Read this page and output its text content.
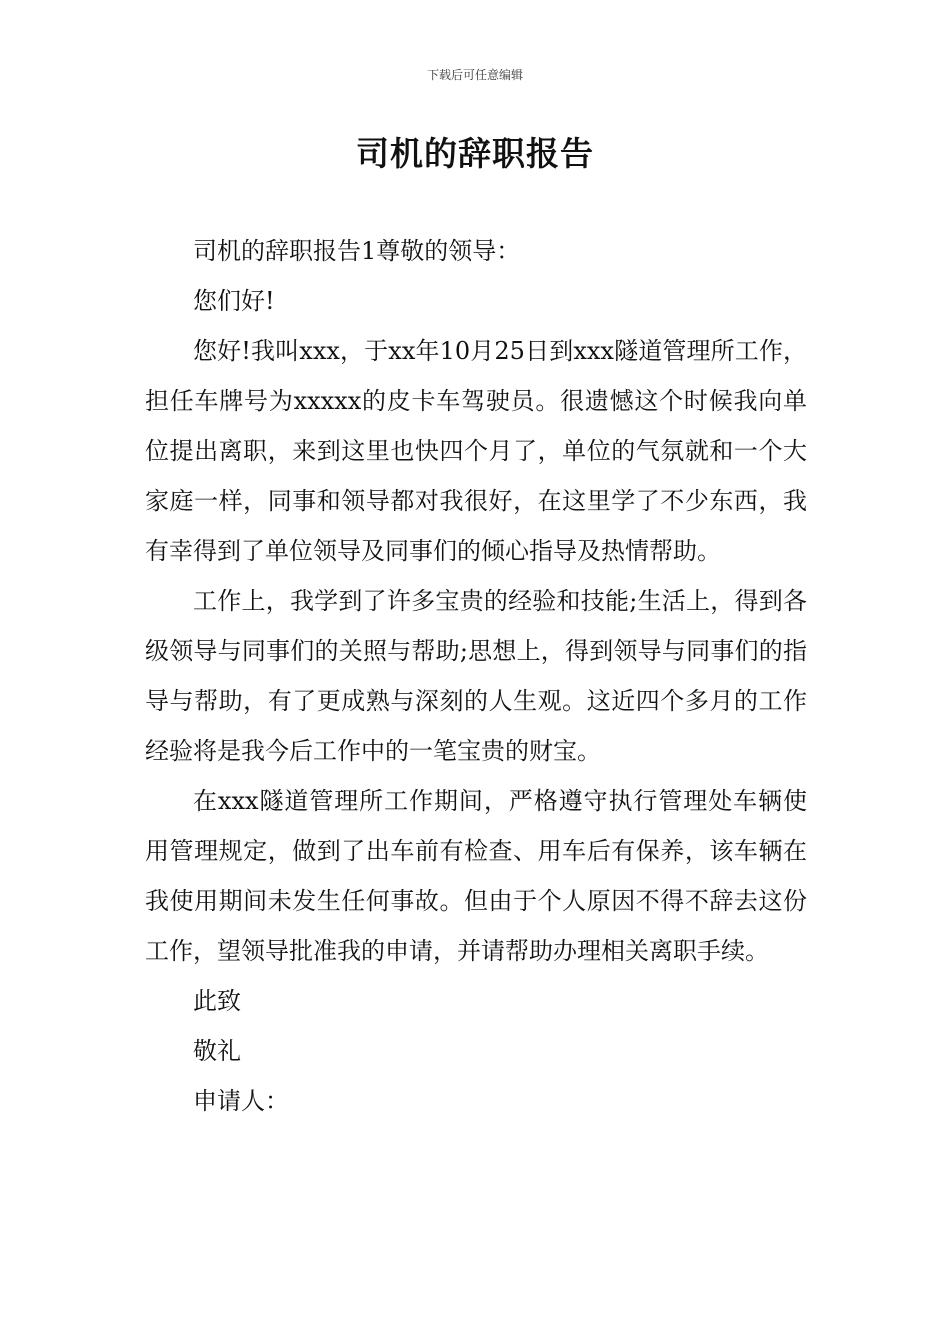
下载后可任意编辑
司机的辞职报告

司机的辞职报告1尊敬的领导：

您们好!

您好!我叫xxx，于xx年10月25日到xxx隧道管理所工作，担任车牌号为xxxxx的皮卡车驾驶员。很遗憾这个时候我向单位提出离职，来到这里也快四个月了，单位的气氛就和一个大家庭一样，同事和领导都对我很好，在这里学了不少东西，我有幸得到了单位领导及同事们的倾心指导及热情帮助。

工作上，我学到了许多宝贵的经验和技能;生活上，得到各级领导与同事们的关照与帮助;思想上，得到领导与同事们的指导与帮助，有了更成熟与深刻的人生观。这近四个多月的工作经验将是我今后工作中的一笔宝贵的财宝。

在xxx隧道管理所工作期间，严格遵守执行管理处车辆使用管理规定，做到了出车前有检查、用车后有保养，该车辆在我使用期间未发生任何事故。但由于个人原因不得不辞去这份工作，望领导批准我的申请，并请帮助办理相关离职手续。

此致

敬礼

申请人：
